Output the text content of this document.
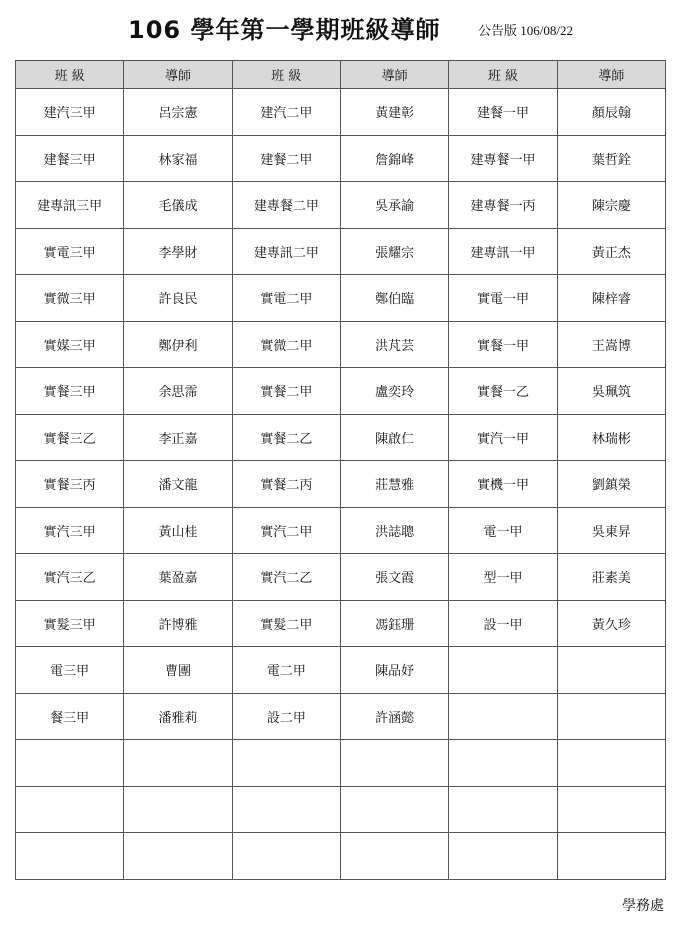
106 學年第一學期班級導師	公告版 106/08/22
班 級	導師	班 級	導師	班 級	導師
建汽三甲	呂宗憲	建汽二甲	黃建彰	建餐一甲	顏辰翰
建餐三甲	林家福	建餐二甲	詹錦峰	建專餐一甲	葉哲銓
建專訊三甲	毛儀成	建專餐二甲	吳承諭	建專餐一丙	陳宗慶
實電三甲	李學財	建專訊二甲	張耀宗	建專訊一甲	黃正杰
實微三甲	許良民	實電二甲	鄭伯臨	實電一甲	陳梓睿
實媒三甲	鄭伊利	實微二甲	洪芃芸	實餐一甲	王嵩博
實餐三甲	余思霈	實餐二甲	盧奕玲	實餐一乙	吳珮筑
實餐三乙	李正嘉	實餐二乙	陳啟仁	實汽一甲	林瑞彬
實餐三丙	潘文龍	實餐二丙	莊慧雅	實機一甲	劉鎮榮
實汽三甲	黃山桂	實汽二甲	洪誌聰	電一甲	吳東昇
實汽三乙	葉盈嘉	實汽二乙	張文霞	型一甲	莊素美
實髮三甲	許博雅	實髮二甲	馮鈺珊	設一甲	黃久珍
電三甲	曹團	電二甲	陳品妤		
餐三甲	潘雅莉	設二甲	許涵懿		

學務處
